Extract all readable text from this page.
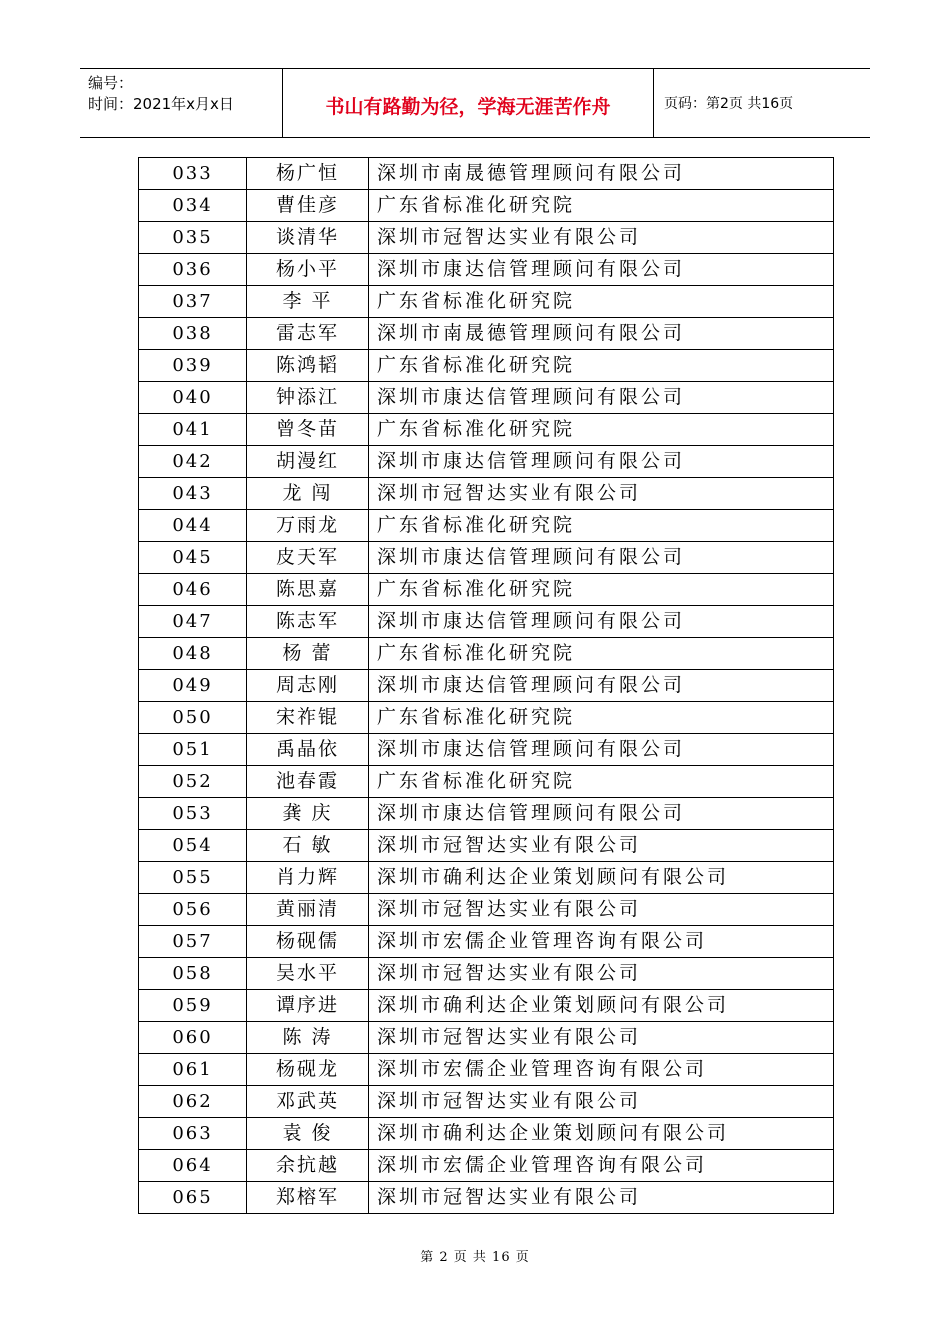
编号：
时间：2021年x月x日	书山有路勤为径，学海无涯苦作舟	页码：第2页 共16页
033	杨广恒	深圳市南晟德管理顾问有限公司
034	曹佳彦	广东省标准化研究院
035	谈清华	深圳市冠智达实业有限公司
036	杨小平	深圳市康达信管理顾问有限公司
037	李 平	广东省标准化研究院
038	雷志军	深圳市南晟德管理顾问有限公司
039	陈鸿韬	广东省标准化研究院
040	钟添江	深圳市康达信管理顾问有限公司
041	曾冬苗	广东省标准化研究院
042	胡漫红	深圳市康达信管理顾问有限公司
043	龙 闯	深圳市冠智达实业有限公司
044	万雨龙	广东省标准化研究院
045	皮天军	深圳市康达信管理顾问有限公司
046	陈思嘉	广东省标准化研究院
047	陈志军	深圳市康达信管理顾问有限公司
048	杨 蕾	广东省标准化研究院
049	周志刚	深圳市康达信管理顾问有限公司
050	宋祚锟	广东省标准化研究院
051	禹晶依	深圳市康达信管理顾问有限公司
052	池春霞	广东省标准化研究院
053	龚 庆	深圳市康达信管理顾问有限公司
054	石 敏	深圳市冠智达实业有限公司
055	肖力辉	深圳市确利达企业策划顾问有限公司
056	黄丽清	深圳市冠智达实业有限公司
057	杨砚儒	深圳市宏儒企业管理咨询有限公司
058	吴水平	深圳市冠智达实业有限公司
059	谭序进	深圳市确利达企业策划顾问有限公司
060	陈 涛	深圳市冠智达实业有限公司
061	杨砚龙	深圳市宏儒企业管理咨询有限公司
062	邓武英	深圳市冠智达实业有限公司
063	袁 俊	深圳市确利达企业策划顾问有限公司
064	余抗越	深圳市宏儒企业管理咨询有限公司
065	郑榕军	深圳市冠智达实业有限公司
第 2 页 共 16 页
